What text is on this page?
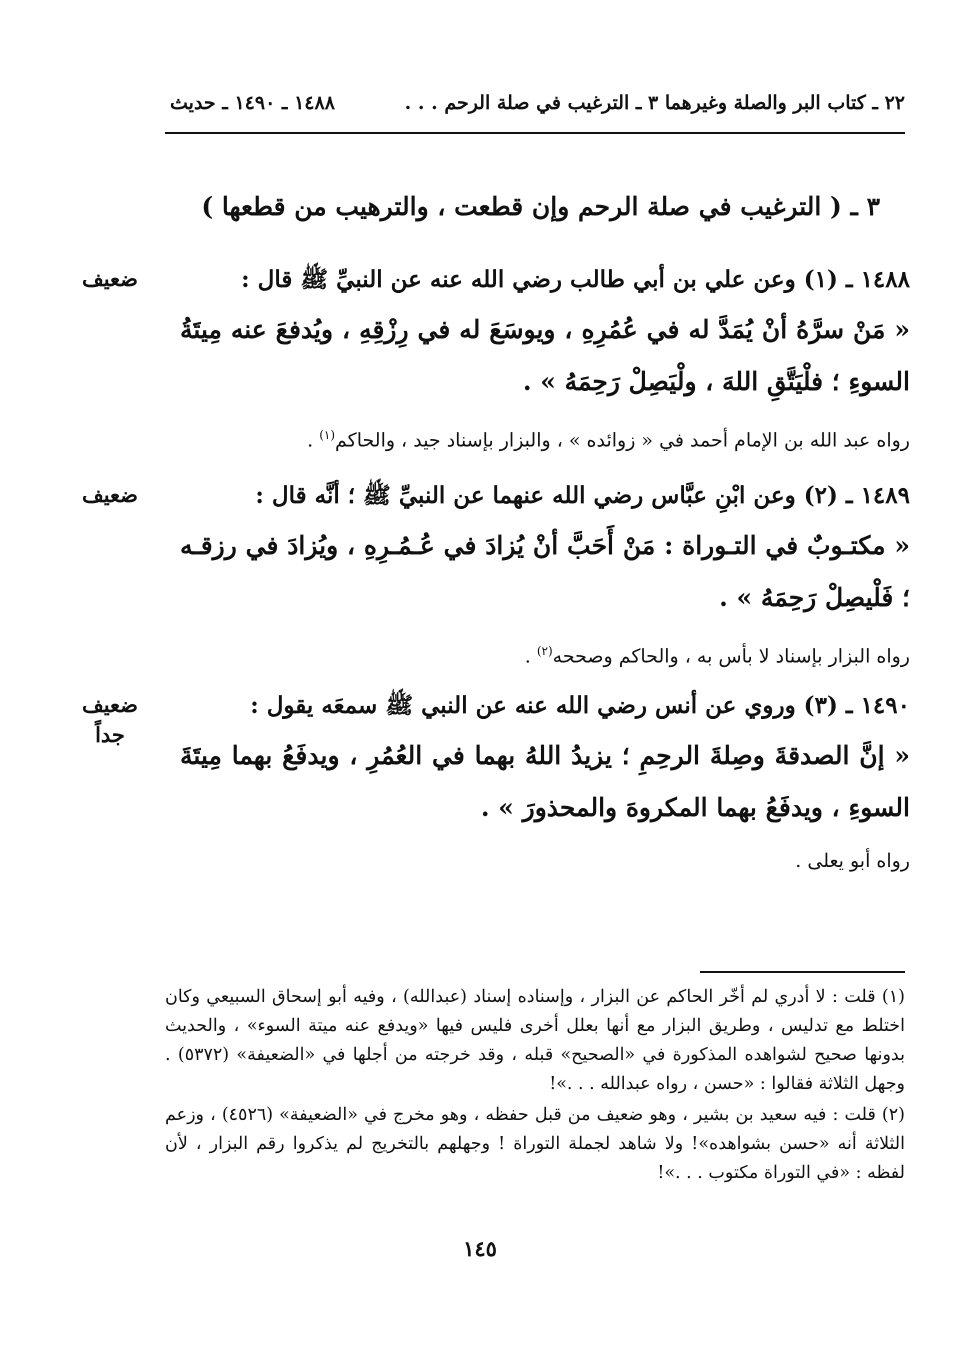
٢٢ ـ كتاب البر والصلة وغيرهما ٣ ـ الترغيب في صلة الرحم . . .
١٤٨٨ ـ ١٤٩٠ ـ حديث
٣ ـ ( الترغيب في صلة الرحم وإن قطعت ، والترهيب من قطعها )
ضعيف	١٤٨٨ ـ (١) وعن علي بن أبي طالب رضي الله عنه عن النبيِّ ﷺ قال :
« مَنْ سرَّهُ أنْ يُمَدَّ له في عُمُرِهِ ، ويوسَعَ له في رِزْقِهِ ، ويُدفعَ عنه مِيتَةُ السوءِ ؛ فلْيَتَّقِ اللهَ ، ولْيَصِلْ رَحِمَهُ » .
رواه عبد الله بن الإمام أحمد في « زوائده » ، والبزار بإسناد جيد ، والحاكم$^{(١)}$ .
ضعيف	١٤٨٩ ـ (٢) وعن ابْنِ عبَّاس رضي الله عنهما عن النبيِّ ﷺ ؛ أنَّه قال :
« مكتـوبٌ في التـوراة : مَنْ أَحَبَّ أنْ يُزادَ في عُـمُـرِهِ ، ويُزادَ في رزقـه ؛ فَلْيصِلْ رَحِمَهُ » .
رواه البزار بإسناد لا بأس به ، والحاكم وصححه$^{(٢)}$ .
ضعيف
جداً
١٤٩٠ ـ (٣) وروي عن أنس رضي الله عنه عن النبي ﷺ سمعَه يقول :
« إنَّ الصدقةَ وصِلةَ الرحِمِ ؛ يزيدُ اللهُ بهما في العُمُرِ ، ويدفَعُ بهما مِيتَةَ السوءِ ، ويدفَعُ بهما المكروهَ والمحذورَ » .
رواه أبو يعلى .

(١) قلت : لا أدري لم أخّر الحاكم عن البزار ، وإسناده إسناد (عبدالله) ، وفيه أبو إسحاق السبيعي وكان اختلط مع تدليس ، وطريق البزار مع أنها بعلل أخرى فليس فيها «ويدفع عنه ميتة السوء» ، والحديث بدونها صحيح لشواهده المذكورة في «الصحيح» قبله ، وقد خرجته من أجلها في «الضعيفة» (٥٣٧٢) . وجهل الثلاثة فقالوا : «حسن ، رواه عبدالله . . .»!

(٢) قلت : فيه سعيد بن بشير ، وهو ضعيف من قبل حفظه ، وهو مخرج في «الضعيفة» (٤٥٢٦) ، وزعم الثلاثة أنه «حسن بشواهده»! ولا شاهد لجملة التوراة ! وجهلهم بالتخريج لم يذكروا رقم البزار ، لأن لفظه : «في التوراة مكتوب . . .»!

١٤٥
